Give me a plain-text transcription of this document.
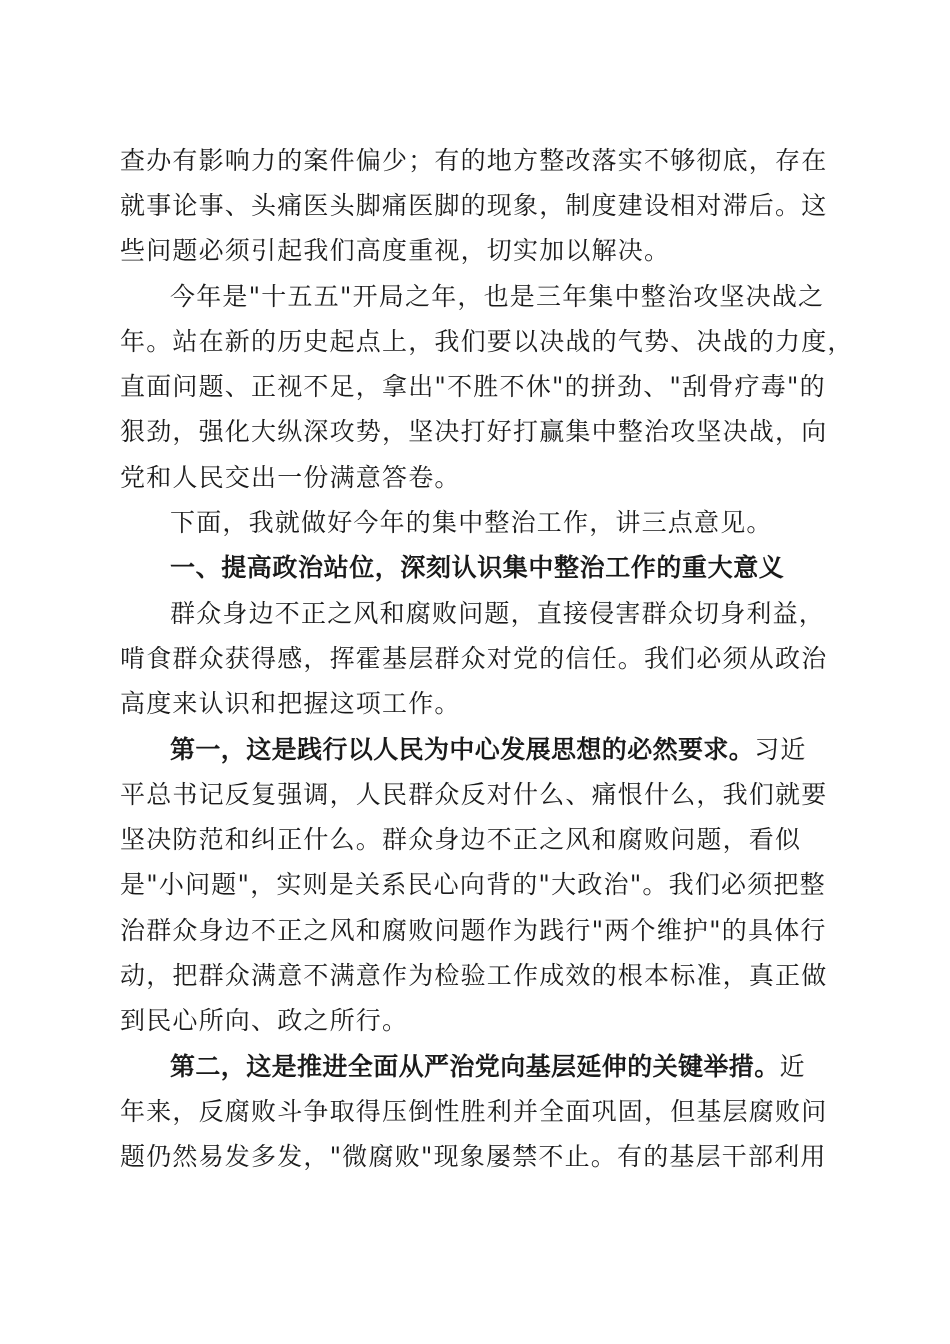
查办有影响力的案件偏少；有的地方整改落实不够彻底，存在
就事论事、头痛医头脚痛医脚的现象，制度建设相对滞后。这
些问题必须引起我们高度重视，切实加以解决。
今年是"十五五"开局之年，也是三年集中整治攻坚决战之
年。站在新的历史起点上，我们要以决战的气势、决战的力度，
直面问题、正视不足，拿出"不胜不休"的拼劲、"刮骨疗毒"的
狠劲，强化大纵深攻势，坚决打好打赢集中整治攻坚决战，向
党和人民交出一份满意答卷。
下面，我就做好今年的集中整治工作，讲三点意见。
一、提高政治站位，深刻认识集中整治工作的重大意义
群众身边不正之风和腐败问题，直接侵害群众切身利益，
啃食群众获得感，挥霍基层群众对党的信任。我们必须从政治
高度来认识和把握这项工作。
第一，这是践行以人民为中心发展思想的必然要求。习近
平总书记反复强调，人民群众反对什么、痛恨什么，我们就要
坚决防范和纠正什么。群众身边不正之风和腐败问题，看似
是"小问题"，实则是关系民心向背的"大政治"。我们必须把整
治群众身边不正之风和腐败问题作为践行"两个维护"的具体行
动，把群众满意不满意作为检验工作成效的根本标准，真正做
到民心所向、政之所行。
第二，这是推进全面从严治党向基层延伸的关键举措。近
年来，反腐败斗争取得压倒性胜利并全面巩固，但基层腐败问
题仍然易发多发，"微腐败"现象屡禁不止。有的基层干部利用
